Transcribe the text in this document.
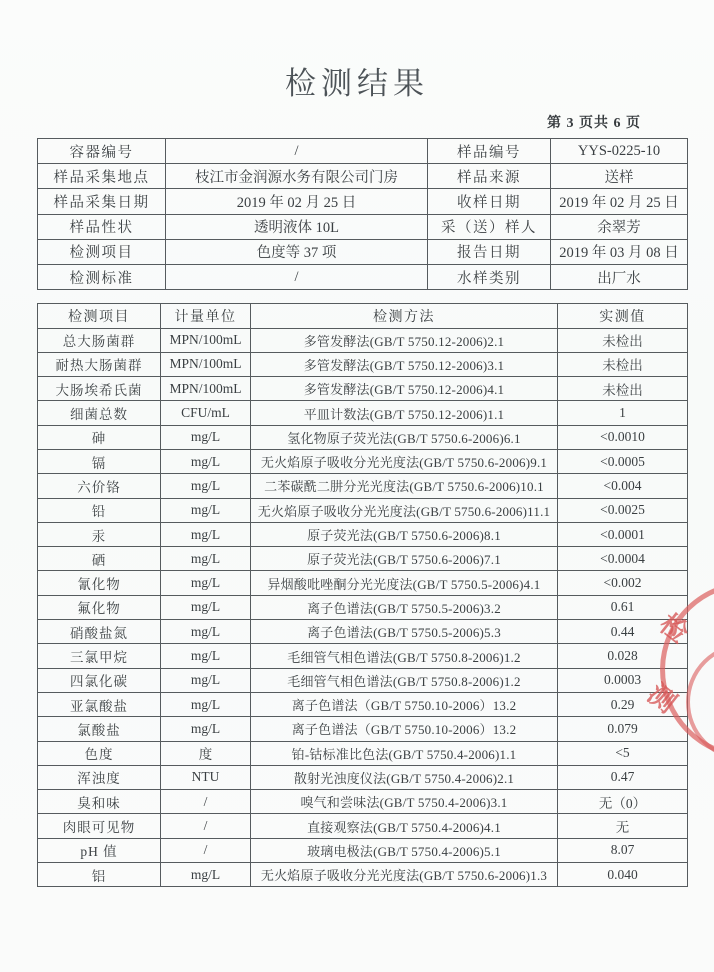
检测结果
第 3 页共 6 页
容器编号	/	样品编号	YYS-0225-10
样品采集地点	枝江市金润源水务有限公司门房	样品来源	送样
样品采集日期	2019 年 02 月 25 日	收样日期	2019 年 02 月 25 日
样品性状	透明液体 10L	采（送）样人	余翠芳
检测项目	色度等 37 项	报告日期	2019 年 03 月 08 日
检测标准	/	水样类别	出厂水
检测项目	计量单位	检测方法	实测值
总大肠菌群	MPN/100mL	多管发酵法(GB/T 5750.12-2006)2.1	未检出
耐热大肠菌群	MPN/100mL	多管发酵法(GB/T 5750.12-2006)3.1	未检出
大肠埃希氏菌	MPN/100mL	多管发酵法(GB/T 5750.12-2006)4.1	未检出
细菌总数	CFU/mL	平皿计数法(GB/T 5750.12-2006)1.1	1
砷	mg/L	氢化物原子荧光法(GB/T 5750.6-2006)6.1	<0.0010
镉	mg/L	无火焰原子吸收分光光度法(GB/T 5750.6-2006)9.1	<0.0005
六价铬	mg/L	二苯碳酰二肼分光光度法(GB/T 5750.6-2006)10.1	<0.004
铅	mg/L	无火焰原子吸收分光光度法(GB/T 5750.6-2006)11.1	<0.0025
汞	mg/L	原子荧光法(GB/T 5750.6-2006)8.1	<0.0001
硒	mg/L	原子荧光法(GB/T 5750.6-2006)7.1	<0.0004
氰化物	mg/L	异烟酸吡唑酮分光光度法(GB/T 5750.5-2006)4.1	<0.002
氟化物	mg/L	离子色谱法(GB/T 5750.5-2006)3.2	0.61
硝酸盐氮	mg/L	离子色谱法(GB/T 5750.5-2006)5.3	0.44
三氯甲烷	mg/L	毛细管气相色谱法(GB/T 5750.8-2006)1.2	0.028
四氯化碳	mg/L	毛细管气相色谱法(GB/T 5750.8-2006)1.2	0.0003
亚氯酸盐	mg/L	离子色谱法（GB/T 5750.10-2006）13.2	0.29
氯酸盐	mg/L	离子色谱法（GB/T 5750.10-2006）13.2	0.079
色度	度	铂-钴标准比色法(GB/T 5750.4-2006)1.1	<5
浑浊度	NTU	散射光浊度仪法(GB/T 5750.4-2006)2.1	0.47
臭和味	/	嗅气和尝味法(GB/T 5750.4-2006)3.1	无（0）
肉眼可见物	/	直接观察法(GB/T 5750.4-2006)4.1	无
pH 值	/	玻璃电极法(GB/T 5750.4-2006)5.1	8.07
铝	mg/L	无火焰原子吸收分光光度法(GB/T 5750.6-2006)1.3	0.040
检
测
